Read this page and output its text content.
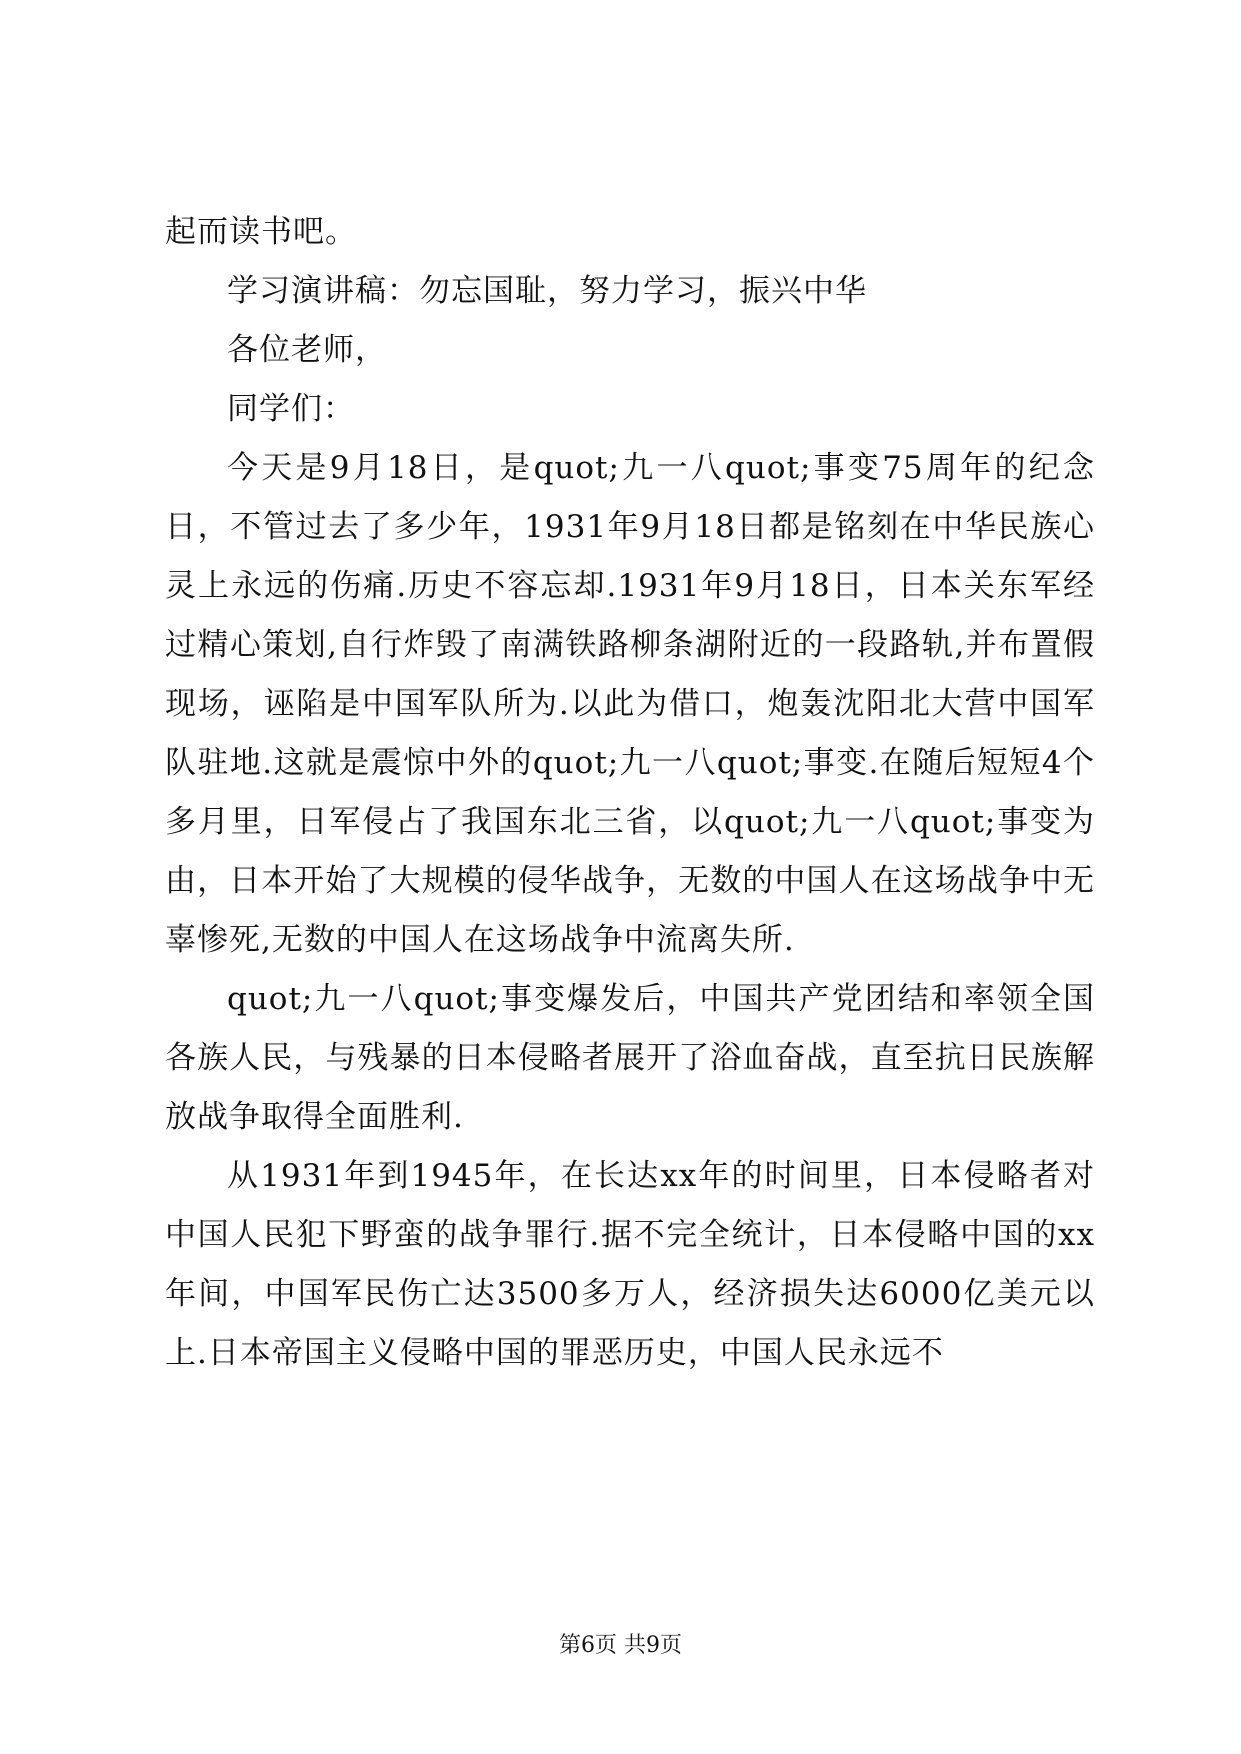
起而读书吧。

学习演讲稿：勿忘国耻，努力学习，振兴中华

各位老师，

同学们：

今天是9月18日，是quot;九一八quot;事变75周年的纪念日，不管过去了多少年，1931年9月18日都是铭刻在中华民族心灵上永远的伤痛.历史不容忘却.1931年9月18日，日本关东军经过精心策划,自行炸毁了南满铁路柳条湖附近的一段路轨,并布置假现场，诬陷是中国军队所为.以此为借口，炮轰沈阳北大营中国军队驻地.这就是震惊中外的quot;九一八quot;事变.在随后短短4个多月里，日军侵占了我国东北三省，以quot;九一八quot;事变为由，日本开始了大规模的侵华战争，无数的中国人在这场战争中无辜惨死,无数的中国人在这场战争中流离失所.

quot;九一八quot;事变爆发后，中国共产党团结和率领全国各族人民，与残暴的日本侵略者展开了浴血奋战，直至抗日民族解放战争取得全面胜利.

从1931年到1945年，在长达xx年的时间里，日本侵略者对中国人民犯下野蛮的战争罪行.据不完全统计，日本侵略中国的xx年间，中国军民伤亡达3500多万人，经济损失达6000亿美元以上.日本帝国主义侵略中国的罪恶历史，中国人民永远不

第6页 共9页
